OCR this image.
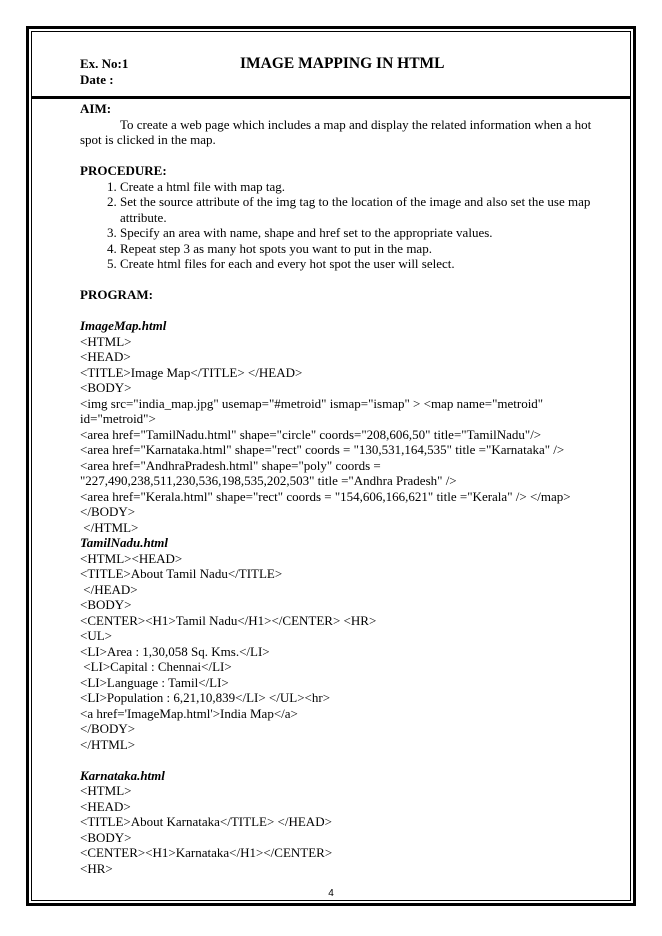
Ex. No:1
Date :
IMAGE MAPPING IN HTML
AIM:

To create a web page which includes a map and display the related information when a hot spot is clicked in the map.

PROCEDURE:
1. Create a html file with map tag.
2. Set the source attribute of the img tag to the location of the image and also set the use map attribute.
3. Specify an area with name, shape and href set to the appropriate values.
4. Repeat step 3 as many hot spots you want to put in the map.
5. Create html files for each and every hot spot the user will select.
PROGRAM:
ImageMap.html
<HTML>
<HEAD>
<TITLE>Image Map</TITLE> </HEAD>
<BODY>
<img src="india_map.jpg" usemap="#metroid" ismap="ismap" > <map name="metroid" id="metroid">
<area href="TamilNadu.html" shape="circle" coords="208,606,50" title="TamilNadu"/>
<area href="Karnataka.html" shape="rect" coords = "130,531,164,535" title ="Karnataka" />
<area href="AndhraPradesh.html" shape="poly" coords = "227,490,238,511,230,536,198,535,202,503" title ="Andhra Pradesh" />
<area href="Kerala.html" shape="rect" coords = "154,606,166,621" title ="Kerala" /> </map>
</BODY>
</HTML>
TamilNadu.html
<HTML><HEAD>
<TITLE>About Tamil Nadu</TITLE>
</HEAD>
<BODY>
<CENTER><H1>Tamil Nadu</H1></CENTER> <HR>
<UL>
<LI>Area : 1,30,058 Sq. Kms.</LI>
<LI>Capital : Chennai</LI>
<LI>Language : Tamil</LI>
<LI>Population : 6,21,10,839</LI> </UL><hr>
<a href='ImageMap.html'>India Map</a>
</BODY>
</HTML>
Karnataka.html
<HTML>
<HEAD>
<TITLE>About Karnataka</TITLE> </HEAD>
<BODY>
<CENTER><H1>Karnataka</H1></CENTER>
<HR>
4
